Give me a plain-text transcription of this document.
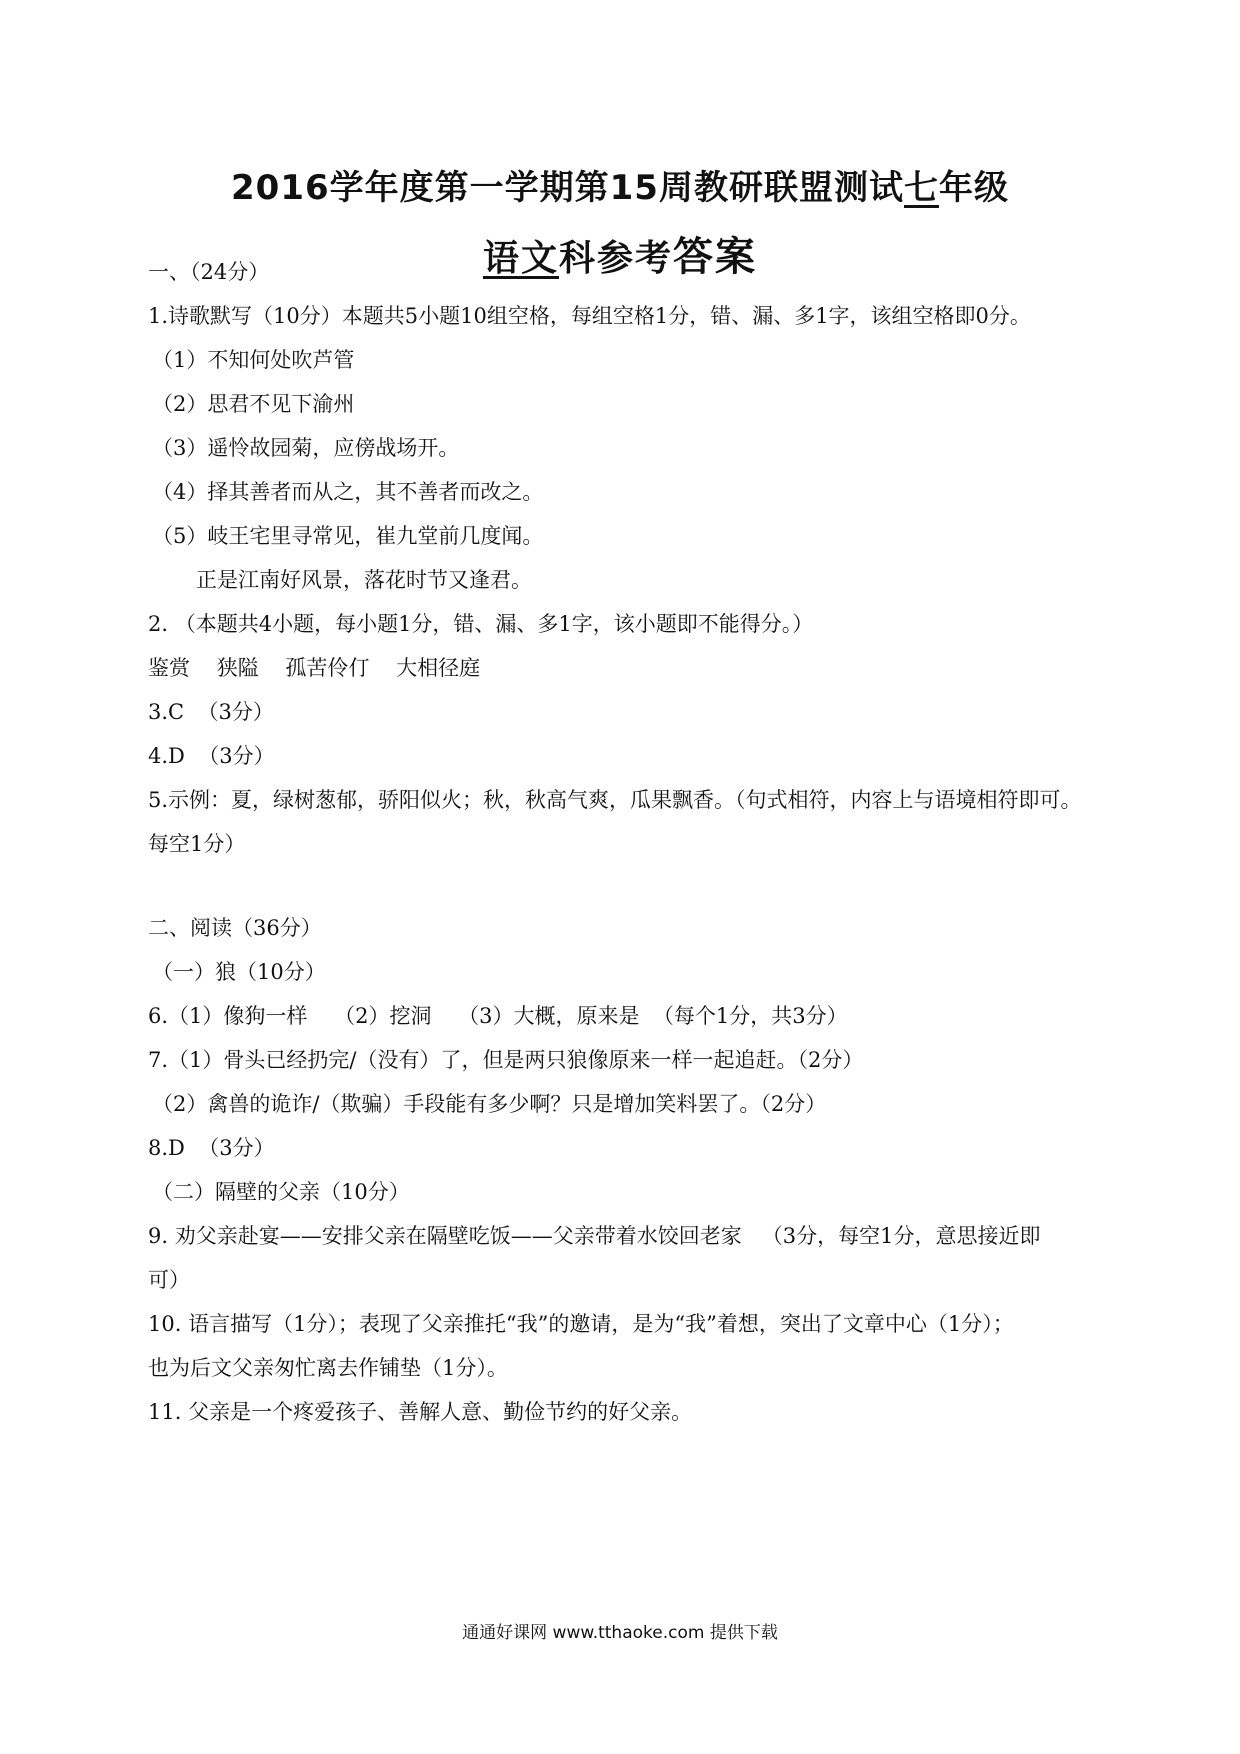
2016学年度第一学期第15周教研联盟测试七年级
语文科参考答案
一、（24分）
1.诗歌默写（10分）本题共5小题10组空格，每组空格1分，错、漏、多1字，该组空格即0分。
（1）不知何处吹芦管
（2）思君不见下渝州
（3）遥怜故园菊，应傍战场开。
（4）择其善者而从之，其不善者而改之。
（5）岐王宅里寻常见，崔九堂前几度闻。
正是江南好风景，落花时节又逢君。
2. （本题共4小题，每小题1分，错、漏、多1字，该小题即不能得分。）
鉴赏    狭隘    孤苦伶仃    大相径庭
3.C  （3分）
4.D  （3分）
5.示例：夏，绿树葱郁，骄阳似火；秋，秋高气爽，瓜果飘香。（句式相符，内容上与语境相符即可。
每空1分）
二、阅读（36分）
（一）狼（10分）
6.（1）像狗一样    （2）挖洞    （3）大概，原来是  （每个1分，共3分）
7.（1）骨头已经扔完/（没有）了，但是两只狼像原来一样一起追赶。（2分）
（2）禽兽的诡诈/（欺骗）手段能有多少啊？只是增加笑料罢了。（2分）
8.D  （3分）
（二）隔壁的父亲（10分）
9. 劝父亲赴宴——安排父亲在隔壁吃饭——父亲带着水饺回老家   （3分，每空1分，意思接近即
可）
10. 语言描写（1分）；表现了父亲推托“我”的邀请，是为“我”着想，突出了文章中心（1分）；
也为后文父亲匆忙离去作铺垫（1分）。
11. 父亲是一个疼爱孩子、善解人意、勤俭节约的好父亲。
通通好课网 www.tthaoke.com 提供下载
